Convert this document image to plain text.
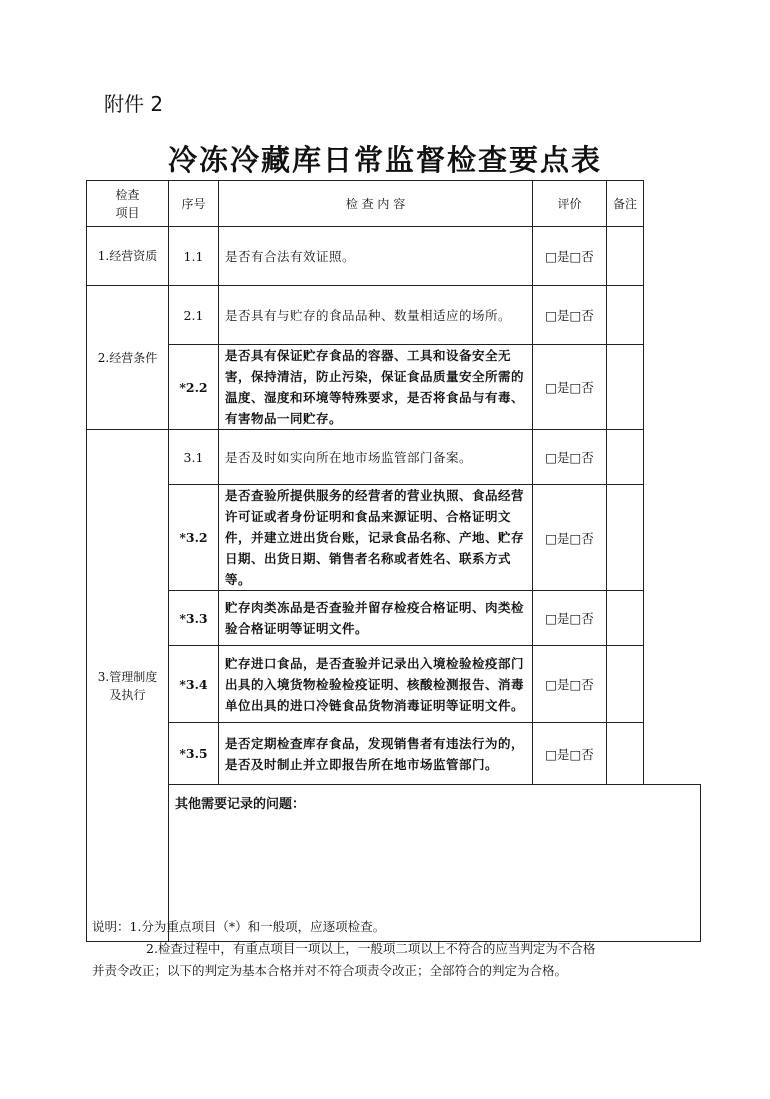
附件 2
冷冻冷藏库日常监督检查要点表
检查
项目	序号	检 查 内 容	评价	备注
1.经营资质	1.1	是否有合法有效证照。	□是□否	
2.经营条件	2.1	是否具有与贮存的食品品种、数量相适应的场所。	□是□否	
	*2.2	是否具有保证贮存食品的容器、工具和设备安全无害，保持清洁，防止污染，保证食品质量安全所需的温度、湿度和环境等特殊要求，是否将食品与有毒、有害物品一同贮存。	□是□否	
3.管理制度
及执行	3.1	是否及时如实向所在地市场监管部门备案。	□是□否	
	*3.2	是否查验所提供服务的经营者的营业执照、食品经营许可证或者身份证明和食品来源证明、合格证明文件，并建立进出货台账，记录食品名称、产地、贮存日期、出货日期、销售者名称或者姓名、联系方式等。	□是□否	
	*3.3	贮存肉类冻品是否查验并留存检疫合格证明、肉类检验合格证明等证明文件。	□是□否	
	*3.4	贮存进口食品，是否查验并记录出入境检验检疫部门出具的入境货物检验检疫证明、核酸检测报告、消毒单位出具的进口冷链食品货物消毒证明等证明文件。	□是□否	
	*3.5	是否定期检查库存食品，发现销售者有违法行为的，是否及时制止并立即报告所在地市场监管部门。	□是□否	
	其他需要记录的问题：			

说明：1.分为重点项目（*）和一般项，应逐项检查。

2.检查过程中，有重点项目一项以上，一般项二项以上不符合的应当判定为不合格

并责令改正；以下的判定为基本合格并对不符合项责令改正；全部符合的判定为合格。
